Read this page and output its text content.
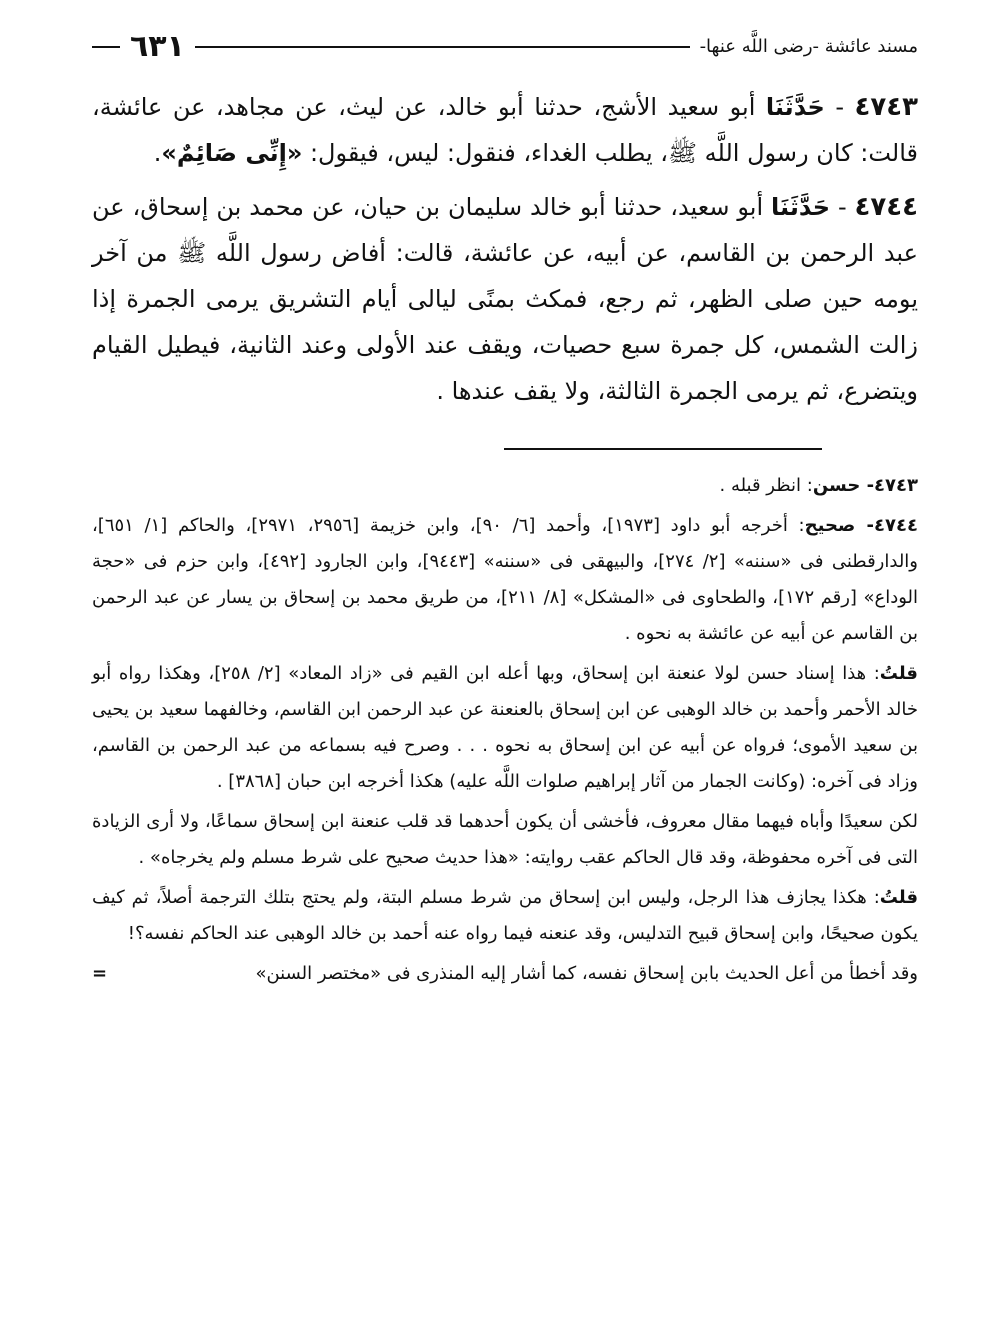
مسند عائشة -رضى اللَّه عنها-
٦٣١

٤٧٤٣ - حَدَّثَنَا أبو سعيد الأشج، حدثنا أبو خالد، عن ليث، عن مجاهد، عن عائشة، قالت: كان رسول اللَّه ﷺ، يطلب الغداء، فنقول: ليس، فيقول: «إِنِّى صَائِمٌ».

٤٧٤٤ - حَدَّثَنَا أبو سعيد، حدثنا أبو خالد سليمان بن حيان، عن محمد بن إسحاق، عن عبد الرحمن بن القاسم، عن أبيه، عن عائشة، قالت: أفاض رسول اللَّه ﷺ من آخر يومه حين صلى الظهر، ثم رجع، فمكث بمنًى ليالى أيام التشريق يرمى الجمرة إذا زالت الشمس، كل جمرة سبع حصيات، ويقف عند الأولى وعند الثانية، فيطيل القيام ويتضرع، ثم يرمى الجمرة الثالثة، ولا يقف عندها .

٤٧٤٣- حسن: انظر قبله .

٤٧٤٤- صحيح: أخرجه أبو داود [١٩٧٣]، وأحمد [٦/ ٩٠]، وابن خزيمة [٢٩٥٦، ٢٩٧١]، والحاكم [١/ ٦٥١]، والدارقطنى فى «سننه» [٢/ ٢٧٤]، والبيهقى فى «سننه» [٩٤٤٣]، وابن الجارود [٤٩٢]، وابن حزم فى «حجة الوداع» [رقم ١٧٢]، والطحاوى فى «المشكل» [٨/ ٢١١]، من طريق محمد بن إسحاق بن يسار عن عبد الرحمن بن القاسم عن أبيه عن عائشة به نحوه .

قلتُ: هذا إسناد حسن لولا عنعنة ابن إسحاق، وبها أعله ابن القيم فى «زاد المعاد» [٢/ ٢٥٨]، وهكذا رواه أبو خالد الأحمر وأحمد بن خالد الوهبى عن ابن إسحاق بالعنعنة عن عبد الرحمن ابن القاسم، وخالفهما سعيد بن يحيى بن سعيد الأموى؛ فرواه عن أبيه عن ابن إسحاق به نحوه . . . وصرح فيه بسماعه من عبد الرحمن بن القاسم، وزاد فى آخره: (وكانت الجمار من آثار إبراهيم صلوات اللَّه عليه) هكذا أخرجه ابن حبان [٣٨٦٨] .

لكن سعيدًا وأباه فيهما مقال معروف، فأخشى أن يكون أحدهما قد قلب عنعنة ابن إسحاق سماعًا، ولا أرى الزيادة التى فى آخره محفوظة، وقد قال الحاكم عقب روايته: «هذا حديث صحيح على شرط مسلم ولم يخرجاه» .

قلتُ: هكذا يجازف هذا الرجل، وليس ابن إسحاق من شرط مسلم البتة، ولم يحتج بتلك الترجمة أصلاً، ثم كيف يكون صحيحًا، وابن إسحاق قبيح التدليس، وقد عنعنه فيما رواه عنه أحمد بن خالد الوهبى عند الحاكم نفسه؟!

وقد أخطأ من أعل الحديث بابن إسحاق نفسه، كما أشار إليه المنذرى فى «مختصر السنن»
=
